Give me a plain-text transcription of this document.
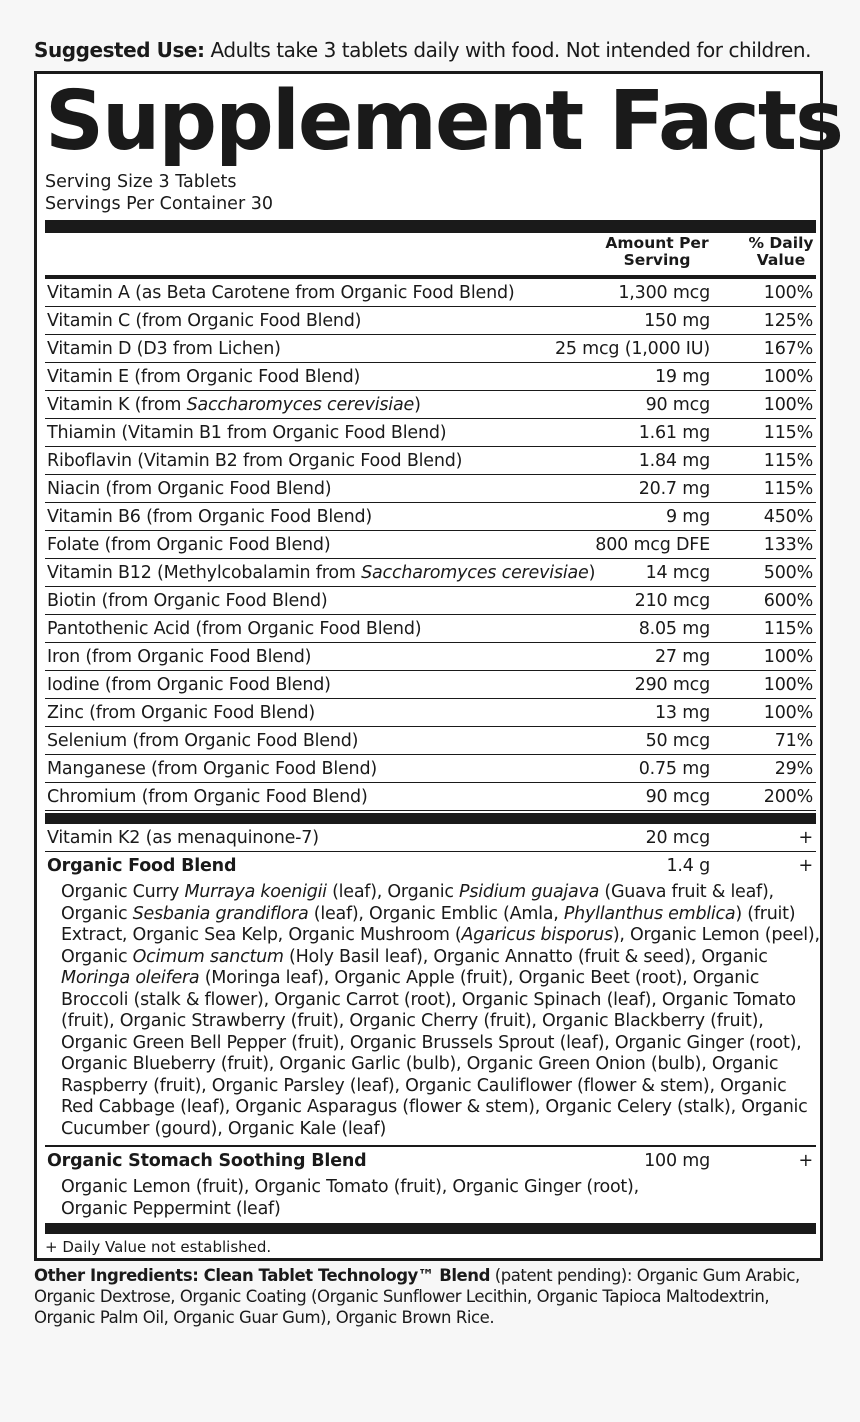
Suggested Use: Adults take 3 tablets daily with food. Not intended for children.
Supplement Facts
Serving Size 3 Tablets
Servings Per Container 30
Amount Per
Serving
% Daily
Value
Vitamin A (as Beta Carotene from Organic Food Blend)	1,300 mcg	100%
Vitamin C (from Organic Food Blend)	150 mg	125%
Vitamin D (D3 from Lichen)	25 mcg (1,000 IU)	167%
Vitamin E (from Organic Food Blend)	19 mg	100%
Vitamin K (from Saccharomyces cerevisiae)	90 mcg	100%
Thiamin (Vitamin B1 from Organic Food Blend)	1.61 mg	115%
Riboflavin (Vitamin B2 from Organic Food Blend)	1.84 mg	115%
Niacin (from Organic Food Blend)	20.7 mg	115%
Vitamin B6 (from Organic Food Blend)	9 mg	450%
Folate (from Organic Food Blend)	800 mcg DFE	133%
Vitamin B12 (Methylcobalamin from Saccharomyces cerevisiae)	14 mcg	500%
Biotin (from Organic Food Blend)	210 mcg	600%
Pantothenic Acid (from Organic Food Blend)	8.05 mg	115%
Iron (from Organic Food Blend)	27 mg	100%
Iodine (from Organic Food Blend)	290 mcg	100%
Zinc (from Organic Food Blend)	13 mg	100%
Selenium (from Organic Food Blend)	50 mcg	71%
Manganese (from Organic Food Blend)	0.75 mg	29%
Chromium (from Organic Food Blend)	90 mcg	200%
Vitamin K2 (as menaquinone-7)	20 mcg	+
Organic Food Blend	1.4 g	+
Organic Curry Murraya koenigii (leaf), Organic Psidium guajava (Guava fruit & leaf), Organic Sesbania grandiflora (leaf), Organic Emblic (Amla, Phyllanthus emblica) (fruit) Extract, Organic Sea Kelp, Organic Mushroom (Agaricus bisporus), Organic Lemon (peel), Organic Ocimum sanctum (Holy Basil leaf), Organic Annatto (fruit & seed), Organic Moringa oleifera (Moringa leaf), Organic Apple (fruit), Organic Beet (root), Organic Broccoli (stalk & flower), Organic Carrot (root), Organic Spinach (leaf), Organic Tomato (fruit), Organic Strawberry (fruit), Organic Cherry (fruit), Organic Blackberry (fruit), Organic Green Bell Pepper (fruit), Organic Brussels Sprout (leaf), Organic Ginger (root), Organic Blueberry (fruit), Organic Garlic (bulb), Organic Green Onion (bulb), Organic Raspberry (fruit), Organic Parsley (leaf), Organic Cauliflower (flower & stem), Organic Red Cabbage (leaf), Organic Asparagus (flower & stem), Organic Celery (stalk), Organic Cucumber (gourd), Organic Kale (leaf)
Organic Stomach Soothing Blend	100 mg	+
Organic Lemon (fruit), Organic Tomato (fruit), Organic Ginger (root), Organic Peppermint (leaf)
+ Daily Value not established.
Other Ingredients: Clean Tablet Technology™ Blend (patent pending): Organic Gum Arabic, Organic Dextrose, Organic Coating (Organic Sunflower Lecithin, Organic Tapioca Maltodextrin, Organic Palm Oil, Organic Guar Gum), Organic Brown Rice.
